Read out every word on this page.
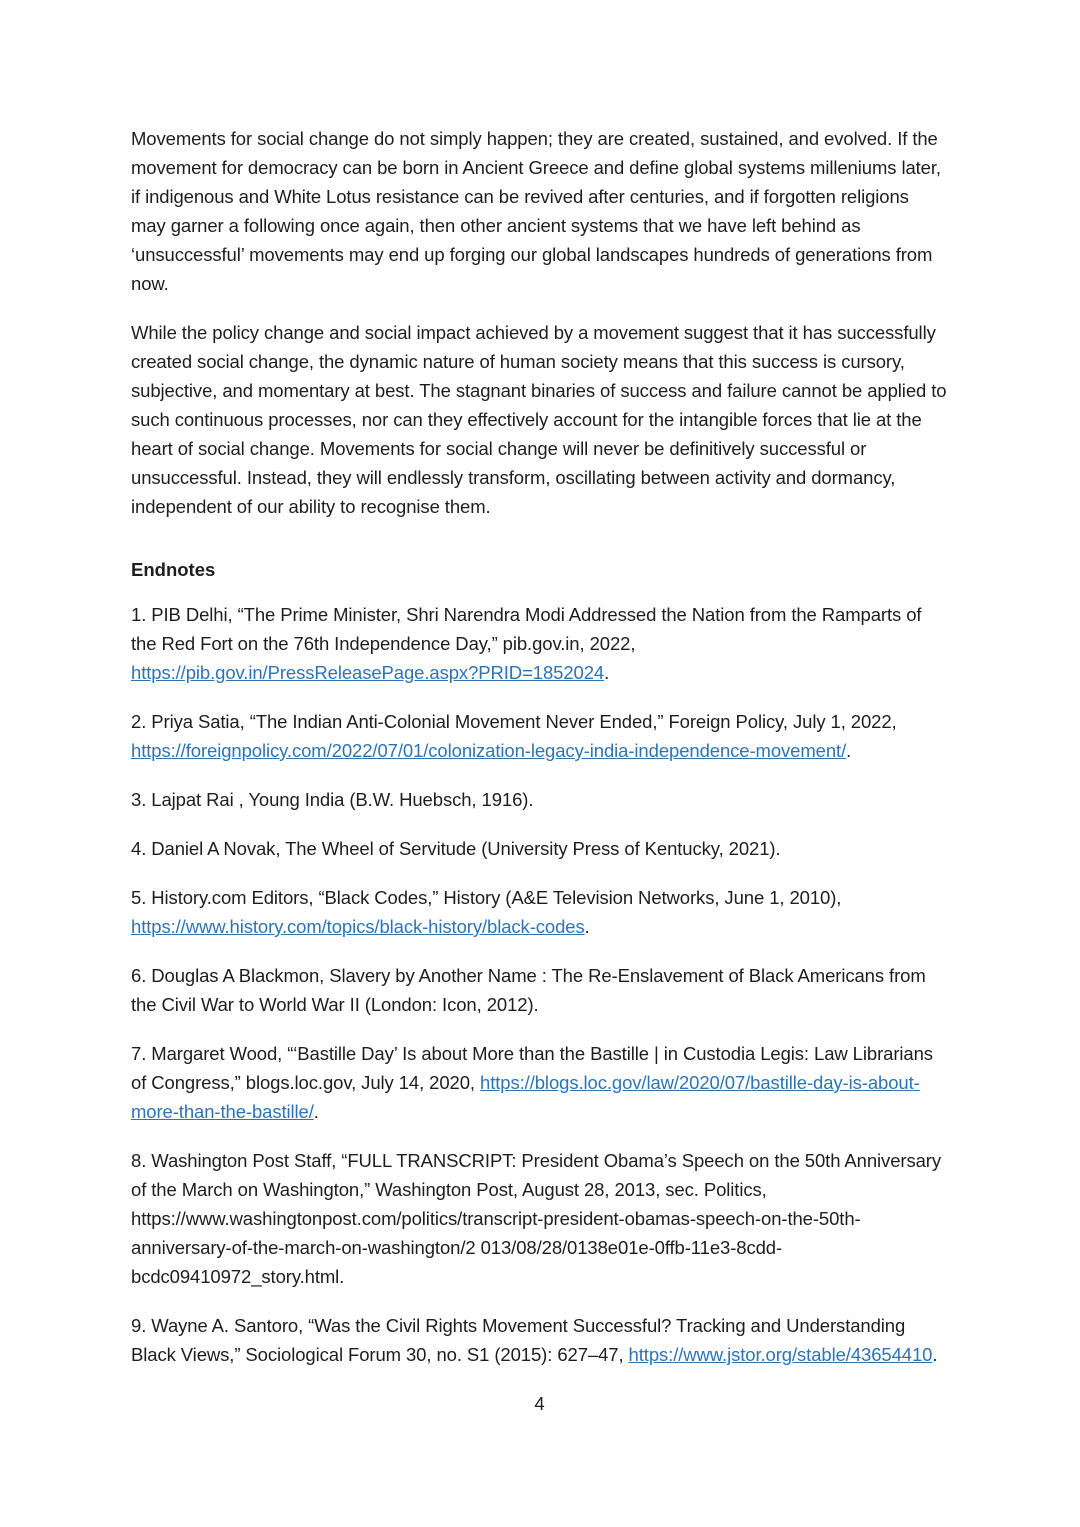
Movements for social change do not simply happen; they are created, sustained, and evolved. If the movement for democracy can be born in Ancient Greece and define global systems milleniums later, if indigenous and White Lotus resistance can be revived after centuries, and if forgotten religions may garner a following once again, then other ancient systems that we have left behind as ‘unsuccessful’ movements may end up forging our global landscapes hundreds of generations from now.

While the policy change and social impact achieved by a movement suggest that it has successfully created social change, the dynamic nature of human society means that this success is cursory, subjective, and momentary at best. The stagnant binaries of success and failure cannot be applied to such continuous processes, nor can they effectively account for the intangible forces that lie at the heart of social change. Movements for social change will never be definitively successful or unsuccessful. Instead, they will endlessly transform, oscillating between activity and dormancy, independent of our ability to recognise them.

Endnotes

1. PIB Delhi, “The Prime Minister, Shri Narendra Modi Addressed the Nation from the Ramparts of the Red Fort on the 76th Independence Day,” pib.gov.in, 2022, https://pib.gov.in/PressReleasePage.aspx?PRID=1852024.

2. Priya Satia, “The Indian Anti-Colonial Movement Never Ended,” Foreign Policy, July 1, 2022, https://foreignpolicy.com/2022/07/01/colonization-legacy-india-independence-movement/.

3. Lajpat Rai , Young India (B.W. Huebsch, 1916).

4. Daniel A Novak, The Wheel of Servitude (University Press of Kentucky, 2021).

5. History.com Editors, “Black Codes,” History (A&E Television Networks, June 1, 2010), https://www.history.com/topics/black-history/black-codes.

6. Douglas A Blackmon, Slavery by Another Name : The Re-Enslavement of Black Americans from the Civil War to World War II (London: Icon, 2012).

7. Margaret Wood, “‘Bastille Day’ Is about More than the Bastille | in Custodia Legis: Law Librarians of Congress,” blogs.loc.gov, July 14, 2020, https://blogs.loc.gov/law/2020/07/bastille-day-is-about-more-than-the-bastille/.

8. Washington Post Staff, “FULL TRANSCRIPT: President Obama’s Speech on the 50th Anniversary of the March on Washington,” Washington Post, August 28, 2013, sec. Politics, https://www.washingtonpost.com/politics/transcript-president-obamas-speech-on-the-50th-anniversary-of-the-march-on-washington/2 013/08/28/0138e01e-0ffb-11e3-8cdd-bcdc09410972_story.html.

9. Wayne A. Santoro, “Was the Civil Rights Movement Successful? Tracking and Understanding Black Views,” Sociological Forum 30, no. S1 (2015): 627–47, https://www.jstor.org/stable/43654410.

4
